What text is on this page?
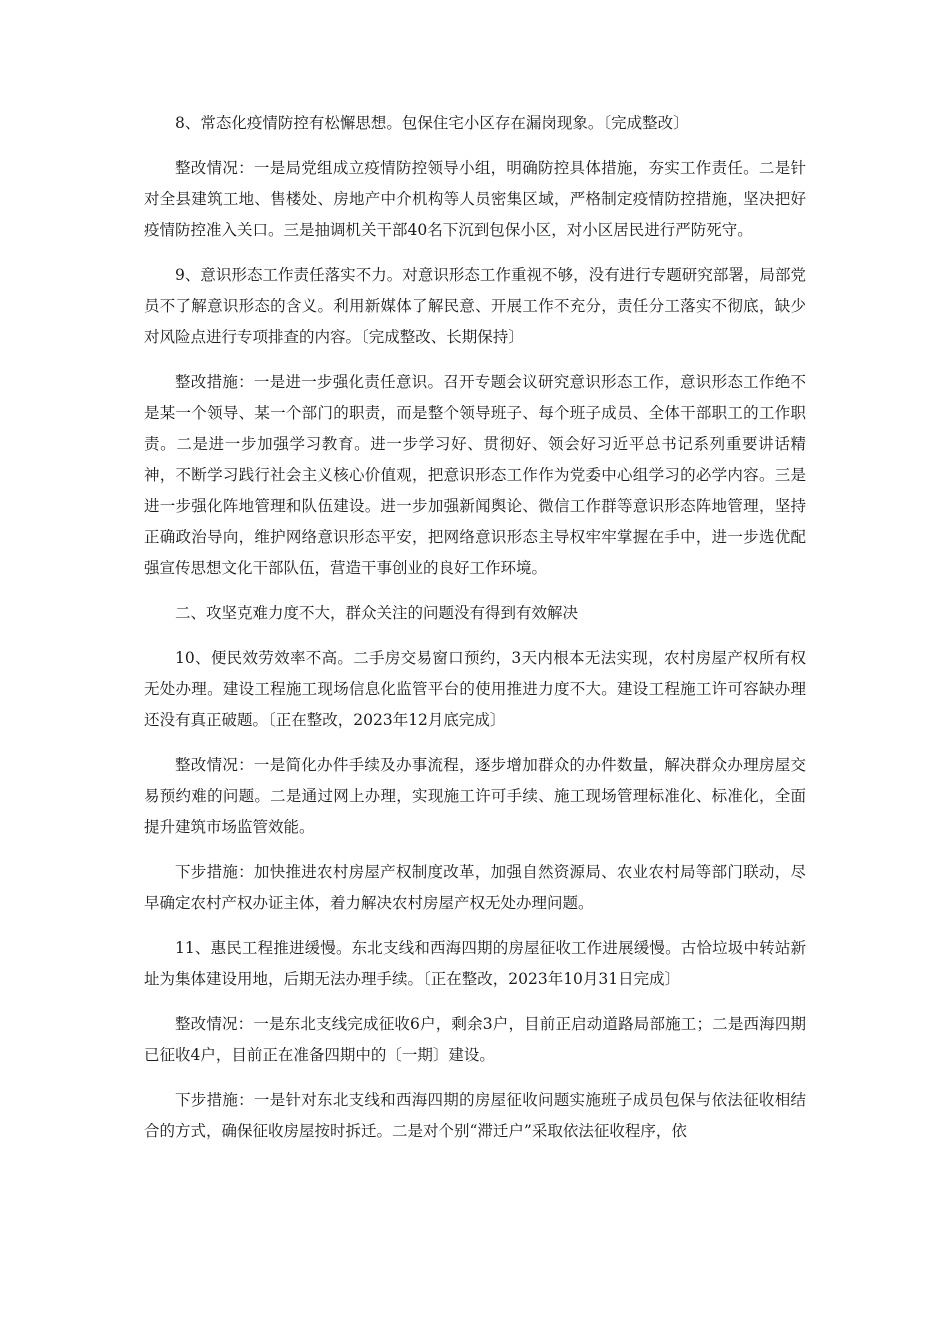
8、常态化疫情防控有松懈思想。包保住宅小区存在漏岗现象。〔完成整改〕

整改情况：一是局党组成立疫情防控领导小组，明确防控具体措施，夯实工作责任。二是针对全县建筑工地、售楼处、房地产中介机构等人员密集区域，严格制定疫情防控措施，坚决把好疫情防控准入关口。三是抽调机关干部40名下沉到包保小区，对小区居民进行严防死守。

9、意识形态工作责任落实不力。对意识形态工作重视不够，没有进行专题研究部署，局部党员不了解意识形态的含义。利用新媒体了解民意、开展工作不充分，责任分工落实不彻底，缺少对风险点进行专项排查的内容。〔完成整改、长期保持〕

整改措施：一是进一步强化责任意识。召开专题会议研究意识形态工作，意识形态工作绝不是某一个领导、某一个部门的职责，而是整个领导班子、每个班子成员、全体干部职工的工作职责。二是进一步加强学习教育。进一步学习好、贯彻好、领会好习近平总书记系列重要讲话精神，不断学习践行社会主义核心价值观，把意识形态工作作为党委中心组学习的必学内容。三是进一步强化阵地管理和队伍建设。进一步加强新闻舆论、微信工作群等意识形态阵地管理，坚持正确政治导向，维护网络意识形态平安，把网络意识形态主导权牢牢掌握在手中，进一步选优配强宣传思想文化干部队伍，营造干事创业的良好工作环境。

二、攻坚克难力度不大，群众关注的问题没有得到有效解决

10、便民效劳效率不高。二手房交易窗口预约，3天内根本无法实现，农村房屋产权所有权无处办理。建设工程施工现场信息化监管平台的使用推进力度不大。建设工程施工许可容缺办理还没有真正破题。〔正在整改，2023年12月底完成〕

整改情况：一是简化办件手续及办事流程，逐步增加群众的办件数量，解决群众办理房屋交易预约难的问题。二是通过网上办理，实现施工许可手续、施工现场管理标准化、标准化，全面提升建筑市场监管效能。

下步措施：加快推进农村房屋产权制度改革，加强自然资源局、农业农村局等部门联动，尽早确定农村产权办证主体，着力解决农村房屋产权无处办理问题。

11、惠民工程推进缓慢。东北支线和西海四期的房屋征收工作进展缓慢。古恰垃圾中转站新址为集体建设用地，后期无法办理手续。〔正在整改，2023年10月31日完成〕

整改情况：一是东北支线完成征收6户，剩余3户，目前正启动道路局部施工；二是西海四期已征收4户，目前正在准备四期中的〔一期〕建设。

下步措施：一是针对东北支线和西海四期的房屋征收问题实施班子成员包保与依法征收相结合的方式，确保征收房屋按时拆迁。二是对个别“滞迁户”采取依法征收程序，依
